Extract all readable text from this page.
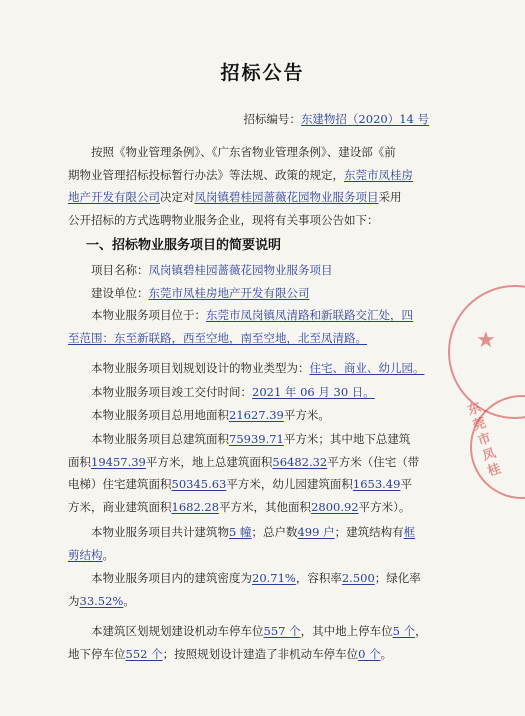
招标公告
招标编号：东建物招（2020）14 号
按照《物业管理条例》、《广东省物业管理条例》、建设部《前
期物业管理招标投标暂行办法》等法规、政策的规定，东莞市凤桂房
地产开发有限公司决定对凤岗镇碧桂园蔷薇花园物业服务项目采用
公开招标的方式选聘物业服务企业，现将有关事项公告如下：
一、招标物业服务项目的简要说明
项目名称：凤岗镇碧桂园蔷薇花园物业服务项目
建设单位：东莞市凤桂房地产开发有限公司
本物业服务项目位于：东莞市凤岗镇凤清路和新联路交汇处，四
至范围：东至新联路，西至空地，南至空地，北至凤清路。
本物业服务项目划规划设计的物业类型为：住宅、商业、幼儿园。
本物业服务项目竣工交付时间：2021 年 06 月 30 日。
本物业服务项目总用地面积21627.39平方米。
本物业服务项目总建筑面积75939.71平方米；其中地下总建筑
面积19457.39平方米，地上总建筑面积56482.32平方米（住宅（带
电梯）住宅建筑面积50345.63平方米，幼儿园建筑面积1653.49平
方米，商业建筑面积1682.28平方米，其他面积2800.92平方米）。
本物业服务项目共计建筑物5 幢；总户数499 户；建筑结构有框
剪结构。
本物业服务项目内的建筑密度为20.71%，容积率2.500；绿化率
为33.52%。
本建筑区划规划建设机动车停车位557 个，其中地上停车位5 个，
地下停车位552 个；按照规划设计建造了非机动车停车位0 个。
★
东莞市凤桂
